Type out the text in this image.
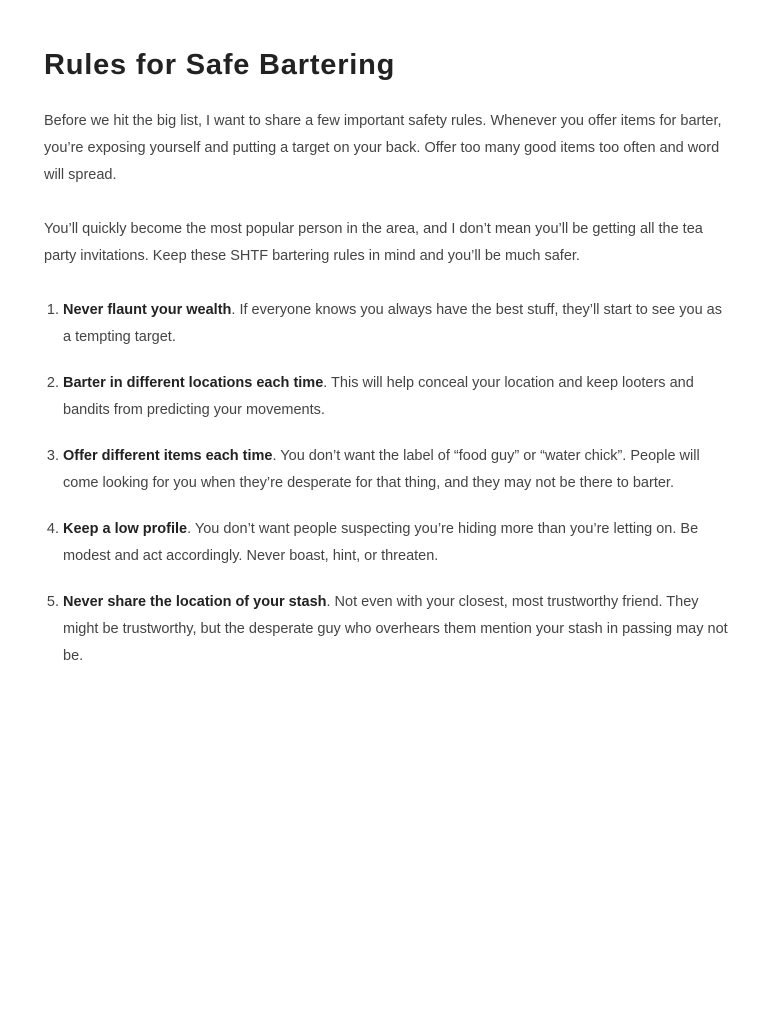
Rules for Safe Bartering

Before we hit the big list, I want to share a few important safety rules. Whenever you offer items for barter, you’re exposing yourself and putting a target on your back. Offer too many good items too often and word will spread.

You’ll quickly become the most popular person in the area, and I don’t mean you’ll be getting all the tea party invitations. Keep these SHTF bartering rules in mind and you’ll be much safer.

1. Never flaunt your wealth. If everyone knows you always have the best stuff, they’ll start to see you as a tempting target.
2. Barter in different locations each time. This will help conceal your location and keep looters and bandits from predicting your movements.
3. Offer different items each time. You don’t want the label of “food guy” or “water chick”. People will come looking for you when they’re desperate for that thing, and they may not be there to barter.
4. Keep a low profile. You don’t want people suspecting you’re hiding more than you’re letting on. Be modest and act accordingly. Never boast, hint, or threaten.
5. Never share the location of your stash. Not even with your closest, most trustworthy friend. They might be trustworthy, but the desperate guy who overhears them mention your stash in passing may not be.
